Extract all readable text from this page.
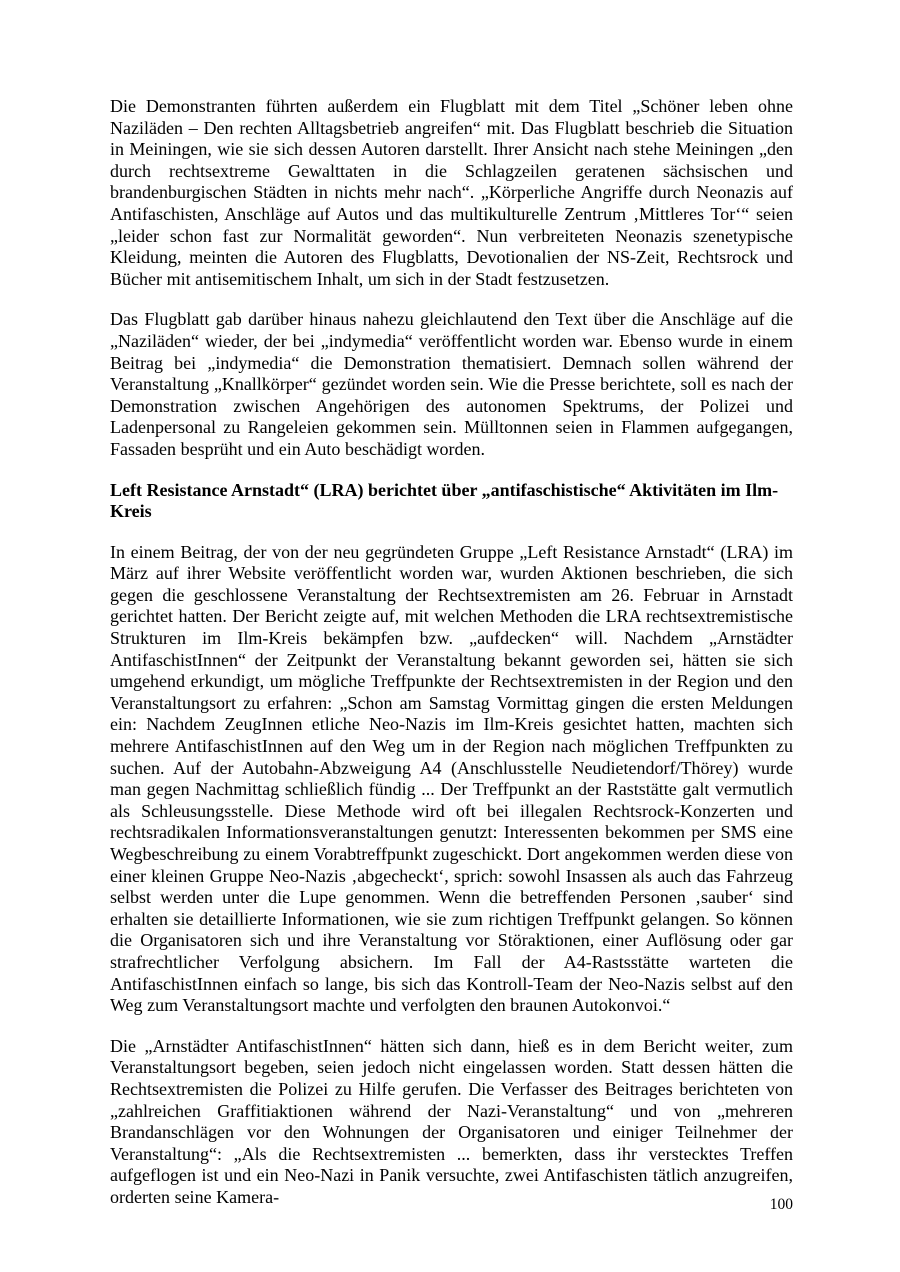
Die Demonstranten führten außerdem ein Flugblatt mit dem Titel „Schöner leben ohne Naziläden – Den rechten Alltagsbetrieb angreifen“ mit. Das Flugblatt beschrieb die Situation in Meiningen, wie sie sich dessen Autoren darstellt. Ihrer Ansicht nach stehe Meiningen „den durch rechtsextreme Gewalttaten in die Schlagzeilen geratenen sächsischen und brandenburgischen Städten in nichts mehr nach“. „Körperliche Angriffe durch Neonazis auf Antifaschisten, Anschläge auf Autos und das multikulturelle Zentrum ‚Mittleres Tor‘“ seien „leider schon fast zur Normalität geworden“. Nun verbreiteten Neonazis szenetypische Kleidung, meinten die Autoren des Flugblatts, Devotionalien der NS-Zeit, Rechtsrock und Bücher mit antisemitischem Inhalt, um sich in der Stadt festzusetzen.

Das Flugblatt gab darüber hinaus nahezu gleichlautend den Text über die Anschläge auf die „Naziläden“ wieder, der bei „indymedia“ veröffentlicht worden war. Ebenso wurde in einem Beitrag bei „indymedia“ die Demonstration thematisiert. Demnach sollen während der Veranstaltung „Knallkörper“ gezündet worden sein. Wie die Presse berichtete, soll es nach der Demonstration zwischen Angehörigen des autonomen Spektrums, der Polizei und Ladenpersonal zu Rangeleien gekommen sein. Mülltonnen seien in Flammen aufgegangen, Fassaden besprüht und ein Auto beschädigt worden.

Left Resistance Arnstadt“ (LRA) berichtet über „antifaschistische“ Aktivitäten im Ilm-Kreis

In einem Beitrag, der von der neu gegründeten Gruppe „Left Resistance Arnstadt“ (LRA) im März auf ihrer Website veröffentlicht worden war, wurden Aktionen beschrieben, die sich gegen die geschlossene Veranstaltung der Rechtsextremisten am 26. Februar in Arnstadt gerichtet hatten. Der Bericht zeigte auf, mit welchen Methoden die LRA rechtsextremistische Strukturen im Ilm-Kreis bekämpfen bzw. „aufdecken“ will. Nachdem „Arnstädter AntifaschistInnen“ der Zeitpunkt der Veranstaltung bekannt geworden sei, hätten sie sich umgehend erkundigt, um mögliche Treffpunkte der Rechtsextremisten in der Region und den Veranstaltungsort zu erfahren: „Schon am Samstag Vormittag gingen die ersten Meldungen ein: Nachdem ZeugInnen etliche Neo-Nazis im Ilm-Kreis gesichtet hatten, machten sich mehrere AntifaschistInnen auf den Weg um in der Region nach möglichen Treffpunkten zu suchen. Auf der Autobahn-Abzweigung A4 (Anschlusstelle Neudietendorf/Thörey) wurde man gegen Nachmittag schließlich fündig ... Der Treffpunkt an der Raststätte galt vermutlich als Schleusungsstelle. Diese Methode wird oft bei illegalen Rechtsrock-Konzerten und rechtsradikalen Informationsveranstaltungen genutzt: Interessenten bekommen per SMS eine Wegbeschreibung zu einem Vorabtreffpunkt zugeschickt. Dort angekommen werden diese von einer kleinen Gruppe Neo-Nazis ‚abgecheckt‘, sprich: sowohl Insassen als auch das Fahrzeug selbst werden unter die Lupe genommen. Wenn die betreffenden Personen ‚sauber‘ sind erhalten sie detaillierte Informationen, wie sie zum richtigen Treffpunkt gelangen. So können die Organisatoren sich und ihre Veranstaltung vor Störaktionen, einer Auflösung oder gar strafrechtlicher Verfolgung absichern. Im Fall der A4-Rastsstätte warteten die AntifaschistInnen einfach so lange, bis sich das Kontroll-Team der Neo-Nazis selbst auf den Weg zum Veranstaltungsort machte und verfolgten den braunen Autokonvoi.“

Die „Arnstädter AntifaschistInnen“ hätten sich dann, hieß es in dem Bericht weiter, zum Veranstaltungsort begeben, seien jedoch nicht eingelassen worden. Statt dessen hätten die Rechtsextremisten die Polizei zu Hilfe gerufen. Die Verfasser des Beitrages berichteten von „zahlreichen Graffitiaktionen während der Nazi-Veranstaltung“ und von „mehreren Brandanschlägen vor den Wohnungen der Organisatoren und einiger Teilnehmer der Veranstaltung“: „Als die Rechtsextremisten ... bemerkten, dass ihr verstecktes Treffen aufgeflogen ist und ein Neo-Nazi in Panik versuchte, zwei Antifaschisten tätlich anzugreifen, orderten seine Kamera-	100
